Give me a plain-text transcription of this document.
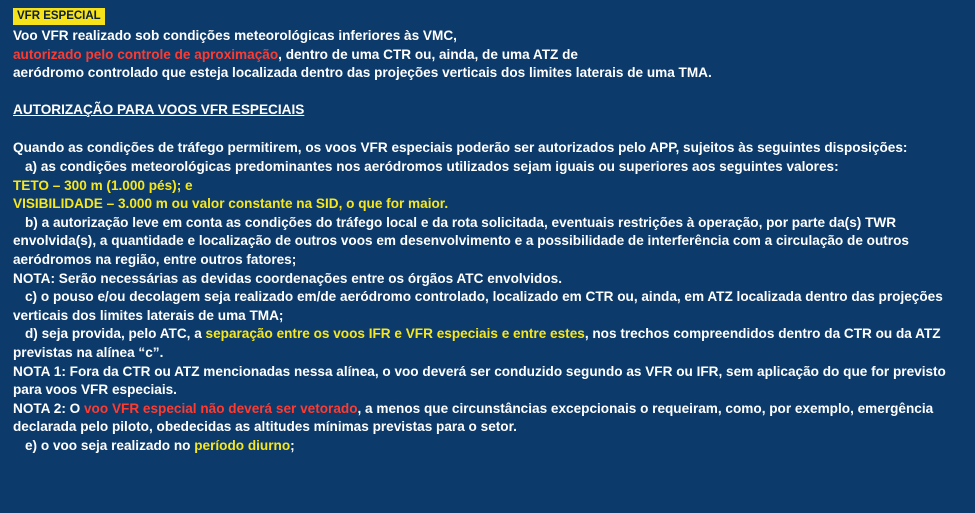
VFR ESPECIAL
Voo VFR realizado sob condições meteorológicas inferiores às VMC,
autorizado pelo controle de aproximação, dentro de uma CTR ou, ainda, de uma ATZ de
aeródromo controlado que esteja localizada dentro das projeções verticais dos limites laterais de uma TMA.
AUTORIZAÇÃO PARA VOOS VFR ESPECIAIS
Quando as condições de tráfego permitirem, os voos VFR especiais poderão ser autorizados pelo APP, sujeitos às seguintes disposições:
a) as condições meteorológicas predominantes nos aeródromos utilizados sejam iguais ou superiores aos seguintes valores:
TETO – 300 m (1.000 pés); e
VISIBILIDADE – 3.000 m ou valor constante na SID, o que for maior.
b) a autorização leve em conta as condições do tráfego local e da rota solicitada, eventuais restrições à operação, por parte da(s) TWR envolvida(s), a quantidade e localização de outros voos em desenvolvimento e a possibilidade de interferência com a circulação de outros aeródromos na região, entre outros fatores;
NOTA: Serão necessárias as devidas coordenações entre os órgãos ATC envolvidos.
c) o pouso e/ou decolagem seja realizado em/de aeródromo controlado, localizado em CTR ou, ainda, em ATZ localizada dentro das projeções verticais dos limites laterais de uma TMA;
d) seja provida, pelo ATC, a separação entre os voos IFR e VFR especiais e entre estes, nos trechos compreendidos dentro da CTR ou da ATZ previstas na alínea “c”.
NOTA 1: Fora da CTR ou ATZ mencionadas nessa alínea, o voo deverá ser conduzido segundo as VFR ou IFR, sem aplicação do que for previsto para voos VFR especiais.
NOTA 2: O voo VFR especial não deverá ser vetorado, a menos que circunstâncias excepcionais o requeiram, como, por exemplo, emergência declarada pelo piloto, obedecidas as altitudes mínimas previstas para o setor.
e) o voo seja realizado no período diurno;
